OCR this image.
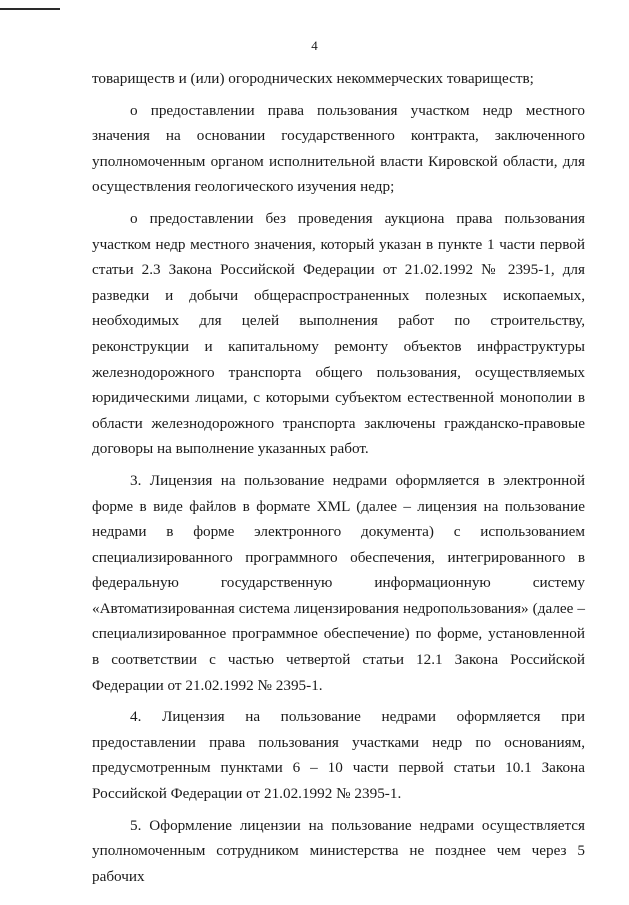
4

товариществ и (или) огороднических некоммерческих товариществ;

о предоставлении права пользования участком недр местного значения на основании государственного контракта, заключенного уполномоченным органом исполнительной власти Кировской области, для осуществления геологического изучения недр;

о предоставлении без проведения аукциона права пользования участком недр местного значения, который указан в пункте 1 части первой статьи 2.3 Закона Российской Федерации от 21.02.1992 № 2395-1, для разведки и добычи общераспространенных полезных ископаемых, необходимых для целей выполнения работ по строительству, реконструкции и капитальному ремонту объектов инфраструктуры железнодорожного транспорта общего пользования, осуществляемых юридическими лицами, с которыми субъектом естественной монополии в области железнодорожного транспорта заключены гражданско-правовые договоры на выполнение указанных работ.

3. Лицензия на пользование недрами оформляется в электронной форме в виде файлов в формате XML (далее – лицензия на пользование недрами в форме электронного документа) с использованием специализированного программного обеспечения, интегрированного в федеральную государственную информационную систему «Автоматизированная система лицензирования недропользования» (далее – специализированное программное обеспечение) по форме, установленной в соответствии с частью четвертой статьи 12.1 Закона Российской Федерации от 21.02.1992 № 2395-1.

4. Лицензия на пользование недрами оформляется при предоставлении права пользования участками недр по основаниям, предусмотренным пунктами 6 – 10 части первой статьи 10.1 Закона Российской Федерации от 21.02.1992 № 2395-1.

5. Оформление лицензии на пользование недрами осуществляется уполномоченным сотрудником министерства не позднее чем через 5 рабочих
